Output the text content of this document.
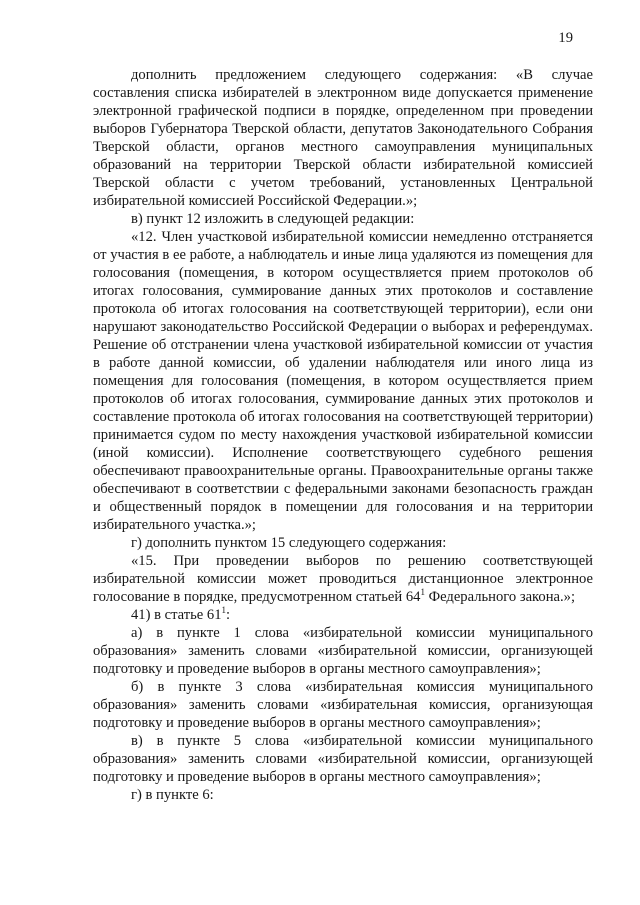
19

дополнить предложением следующего содержания: «В случае составления списка избирателей в электронном виде допускается применение электронной графической подписи в порядке, определенном при проведении выборов Губернатора Тверской области, депутатов Законодательного Собрания Тверской области, органов местного самоуправления муниципальных образований на территории Тверской области избирательной комиссией Тверской области с учетом требований, установленных Центральной избирательной комиссией Российской Федерации.»;

в) пункт 12 изложить в следующей редакции:

«12. Член участковой избирательной комиссии немедленно отстраняется от участия в ее работе, а наблюдатель и иные лица удаляются из помещения для голосования (помещения, в котором осуществляется прием протоколов об итогах голосования, суммирование данных этих протоколов и составление протокола об итогах голосования на соответствующей территории), если они нарушают законодательство Российской Федерации о выборах и референдумах. Решение об отстранении члена участковой избирательной комиссии от участия в работе данной комиссии, об удалении наблюдателя или иного лица из помещения для голосования (помещения, в котором осуществляется прием протоколов об итогах голосования, суммирование данных этих протоколов и составление протокола об итогах голосования на соответствующей территории) принимается судом по месту нахождения участковой избирательной комиссии (иной комиссии). Исполнение соответствующего судебного решения обеспечивают правоохранительные органы. Правоохранительные органы также обеспечивают в соответствии с федеральными законами безопасность граждан и общественный порядок в помещении для голосования и на территории избирательного участка.»;

г) дополнить пунктом 15 следующего содержания:

«15. При проведении выборов по решению соответствующей избирательной комиссии может проводиться дистанционное электронное голосование в порядке, предусмотренном статьей $64^1$ Федерального закона.»;

41) в статье $61^1$:

а) в пункте 1 слова «избирательной комиссии муниципального образования» заменить словами «избирательной комиссии, организующей подготовку и проведение выборов в органы местного самоуправления»;

б) в пункте 3 слова «избирательная комиссия муниципального образования» заменить словами «избирательная комиссия, организующая подготовку и проведение выборов в органы местного самоуправления»;

в) в пункте 5 слова «избирательной комиссии муниципального образования» заменить словами «избирательной комиссии, организующей подготовку и проведение выборов в органы местного самоуправления»;

г) в пункте 6:
